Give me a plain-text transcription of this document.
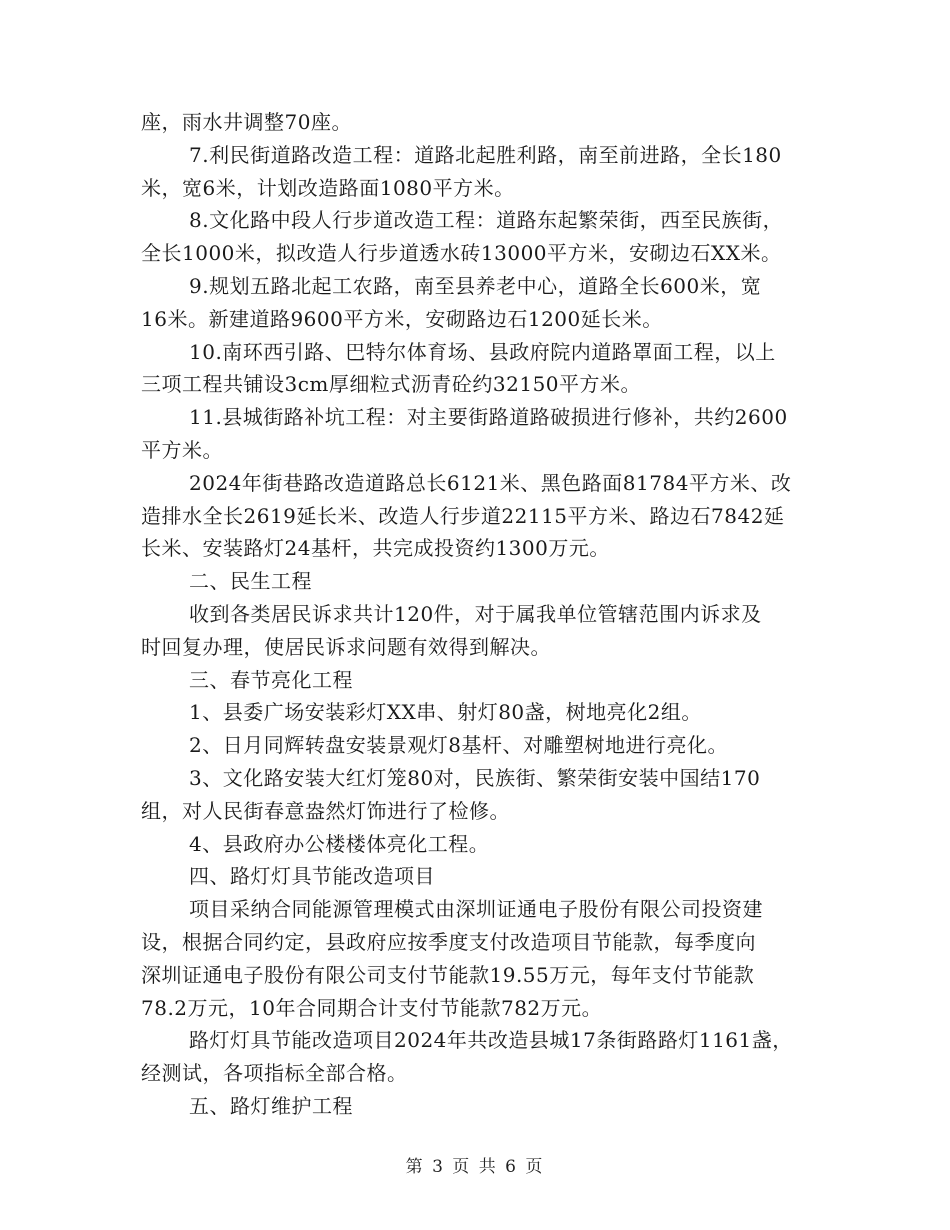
座，雨水井调整70座。
7.利民街道路改造工程：道路北起胜利路，南至前进路，全长180
米，宽6米，计划改造路面1080平方米。
8.文化路中段人行步道改造工程：道路东起繁荣街，西至民族街，
全长1000米，拟改造人行步道透水砖13000平方米，安砌边石XX米。
9.规划五路北起工农路，南至县养老中心，道路全长600米，宽
16米。新建道路9600平方米，安砌路边石1200延长米。
10.南环西引路、巴特尔体育场、县政府院内道路罩面工程，以上
三项工程共铺设3cm厚细粒式沥青砼约32150平方米。
11.县城街路补坑工程：对主要街路道路破损进行修补，共约2600
平方米。
2024年街巷路改造道路总长6121米、黑色路面81784平方米、改
造排水全长2619延长米、改造人行步道22115平方米、路边石7842延
长米、安装路灯24基杆，共完成投资约1300万元。
二、民生工程
收到各类居民诉求共计120件，对于属我单位管辖范围内诉求及
时回复办理，使居民诉求问题有效得到解决。
三、春节亮化工程
1、县委广场安装彩灯XX串、射灯80盏，树地亮化2组。
2、日月同辉转盘安装景观灯8基杆、对雕塑树地进行亮化。
3、文化路安装大红灯笼80对，民族街、繁荣街安装中国结170
组，对人民街春意盎然灯饰进行了检修。
4、县政府办公楼楼体亮化工程。
四、路灯灯具节能改造项目
项目采纳合同能源管理模式由深圳证通电子股份有限公司投资建
设，根据合同约定，县政府应按季度支付改造项目节能款，每季度向
深圳证通电子股份有限公司支付节能款19.55万元，每年支付节能款
78.2万元，10年合同期合计支付节能款782万元。
路灯灯具节能改造项目2024年共改造县城17条街路路灯1161盏，
经测试，各项指标全部合格。
五、路灯维护工程
第 3 页 共 6 页
